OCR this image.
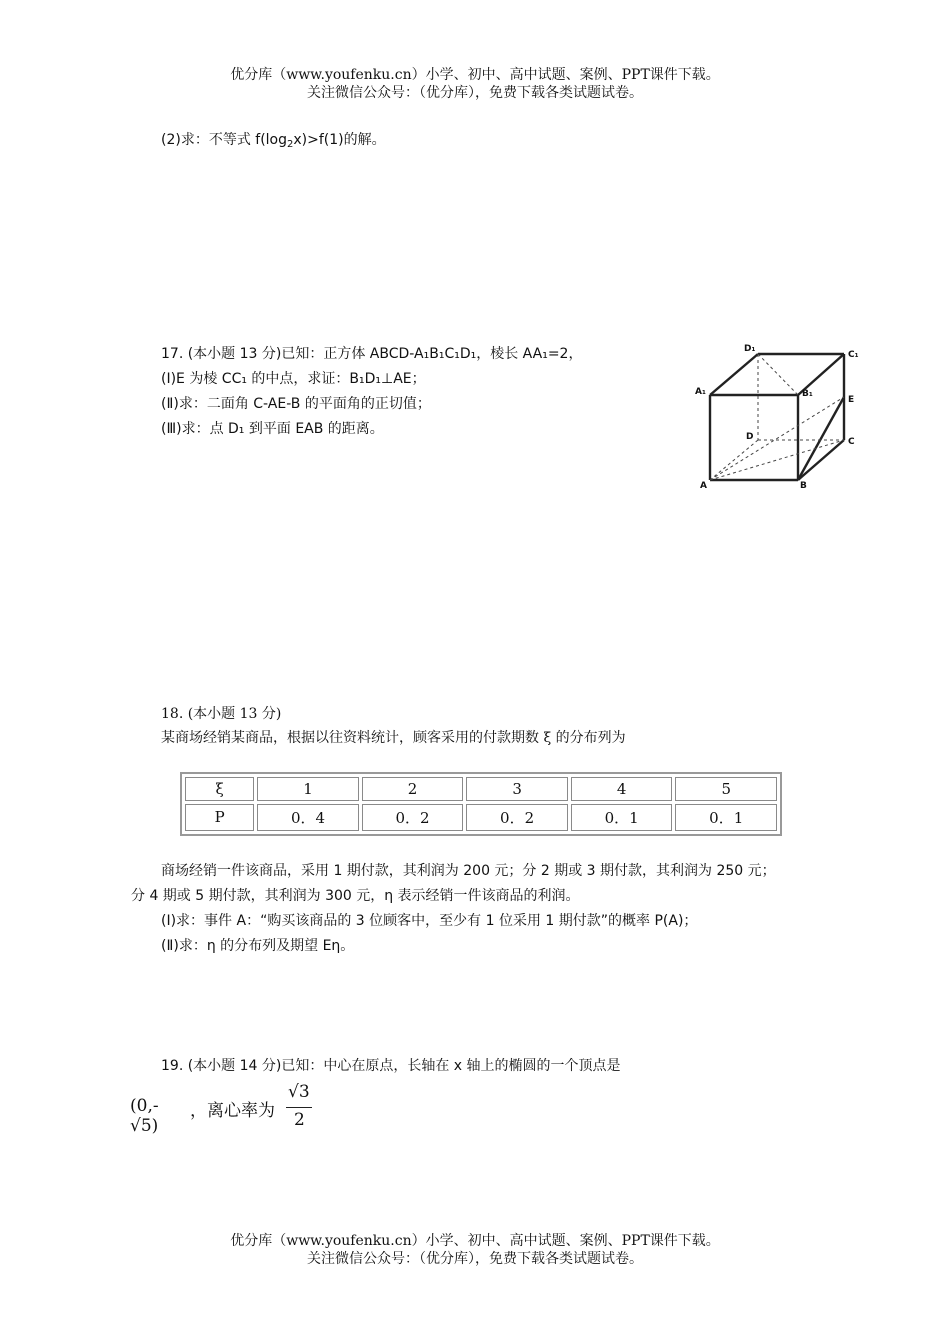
优分库（www.youfenku.cn）小学、初中、高中试题、案例、PPT课件下载。
关注微信公众号：（优分库），免费下载各类试题试卷。
(2)求：不等式 $f(\log_2x)>f(1)$的解。
17. (本小题 13 分)已知：正方体 ABCD-A₁B₁C₁D₁，棱长 AA₁=2，
(Ⅰ)E 为棱 CC₁ 的中点，求证：B₁D₁⊥AE；
(Ⅱ)求：二面角 C-AE-B 的平面角的正切值；
(Ⅲ)求：点 D₁ 到平面 EAB 的距离。
D₁
C₁
A₁	B₁
E
D	C
A	B
18. (本小题 13 分)
某商场经销某商品，根据以往资料统计，顾客采用的付款期数 ξ 的分布列为
ξ	1	2	3	4	5
P	0．4	0．2	0．2	0．1	0．1
商场经销一件该商品，采用 1 期付款，其利润为 200 元；分 2 期或 3 期付款，其利润为 250 元；
分 4 期或 5 期付款，其利润为 300 元，η 表示经销一件该商品的利润。
(Ⅰ)求：事件 A：“购买该商品的 3 位顾客中，至少有 1 位采用 1 期付款”的概率 P(A)；
(Ⅱ)求：η 的分布列及期望 Eη。
19. (本小题 14 分)已知：中心在原点，长轴在 x 轴上的椭圆的一个顶点是
(0,-√5)
，离心率为
√3
2
优分库（www.youfenku.cn）小学、初中、高中试题、案例、PPT课件下载。
关注微信公众号：（优分库），免费下载各类试题试卷。
